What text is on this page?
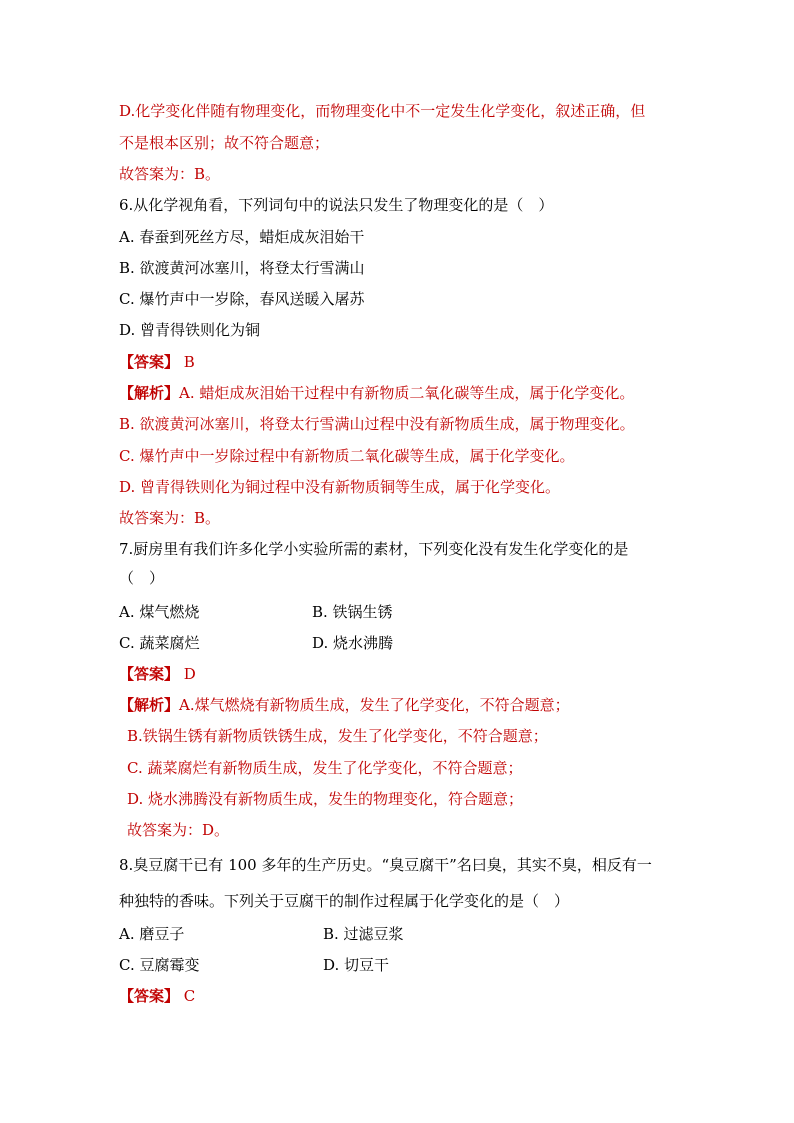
D.化学变化伴随有物理变化，而物理变化中不一定发生化学变化，叙述正确，但
不是根本区别；故不符合题意；
故答案为：B。
6.从化学视角看，下列词句中的说法只发生了物理变化的是（　）
A. 春蚕到死丝方尽，蜡炬成灰泪始干
B. 欲渡黄河冰塞川，将登太行雪满山
C. 爆竹声中一岁除，春风送暖入屠苏
D. 曾青得铁则化为铜
【答案】 B
【解析】A. 蜡炬成灰泪始干过程中有新物质二氧化碳等生成，属于化学变化。
B. 欲渡黄河冰塞川，将登太行雪满山过程中没有新物质生成，属于物理变化。
C. 爆竹声中一岁除过程中有新物质二氧化碳等生成，属于化学变化。
D. 曾青得铁则化为铜过程中没有新物质铜等生成，属于化学变化。
故答案为：B。
7.厨房里有我们许多化学小实验所需的素材，下列变化没有发生化学变化的是
（　）
A. 煤气燃烧	B. 铁锅生锈
C. 蔬菜腐烂	D. 烧水沸腾
【答案】 D
【解析】A.煤气燃烧有新物质生成，发生了化学变化，不符合题意；
B.铁锅生锈有新物质铁锈生成，发生了化学变化，不符合题意；
C. 蔬菜腐烂有新物质生成，发生了化学变化，不符合题意；
D. 烧水沸腾没有新物质生成，发生的物理变化，符合题意；
故答案为：D。
8.臭豆腐干已有 100 多年的生产历史。“臭豆腐干”名曰臭，其实不臭，相反有一
种独特的香味。下列关于豆腐干的制作过程属于化学变化的是（　）
A. 磨豆子	B. 过滤豆浆
C. 豆腐霉变	D. 切豆干
【答案】 C
